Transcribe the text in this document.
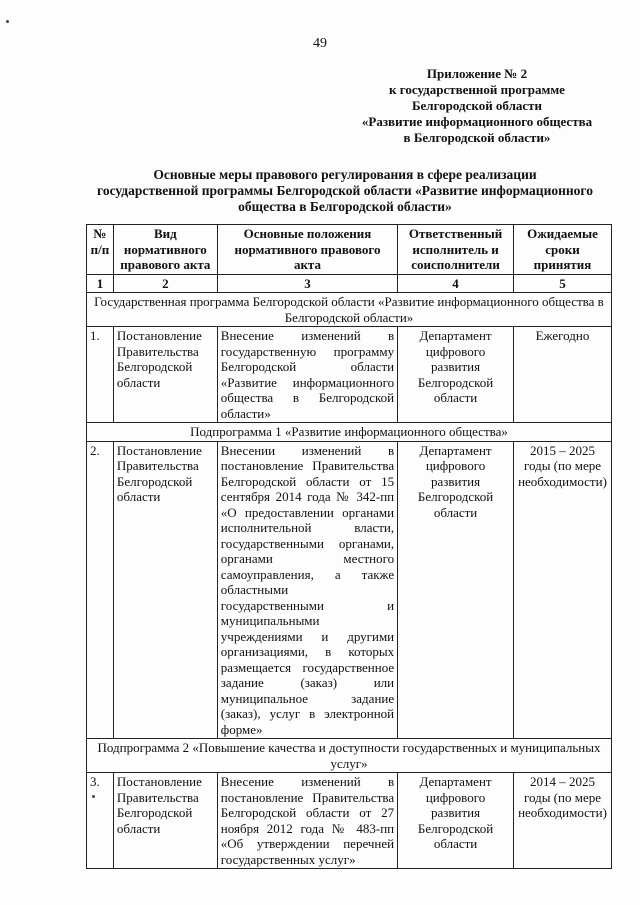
49
Приложение № 2
к государственной программе
Белгородской области
«Развитие информационного общества
в Белгородской области»
Основные меры правового регулирования в сфере реализации
государственной программы Белгородской области «Развитие информационного
общества в Белгородской области»
№ п/п	Вид нормативного правового акта	Основные положения нормативного правового акта	Ответственный исполнитель и соисполнители	Ожидаемые сроки принятия
1	2	3	4	5
Государственная программа Белгородской области «Развитие информационного общества в Белгородской области»				
1.	Постановление Правительства Белгородской области	Внесение изменений в государственную программу Белгородской области «Развитие информационного общества в Белгородской области»	Департамент цифрового развития Белгородской области	Ежегодно
Подпрограмма 1 «Развитие информационного общества»				
2.	Постановление Правительства Белгородской области	Внесении изменений в постановление Правительства Белгородской области от 15 сентября 2014 года № 342-пп «О предоставлении органами исполнительной власти, государственными органами, органами местного самоуправления, а также областными государственными и муниципальными учреждениями и другими организациями, в которых размещается государственное задание (заказ) или муниципальное задание (заказ), услуг в электронной форме»	Департамент цифрового развития Белгородской области	2015 – 2025 годы (по мере необходимости)
Подпрограмма 2 «Повышение качества и доступности государственных и муниципальных услуг»				
3.	Постановление Правительства Белгородской области	Внесение изменений в постановление Правительства Белгородской области от 27 ноября 2012 года № 483-пп «Об утверждении перечней государственных услуг»	Департамент цифрового развития Белгородской области	2014 – 2025 годы (по мере необходимости)
